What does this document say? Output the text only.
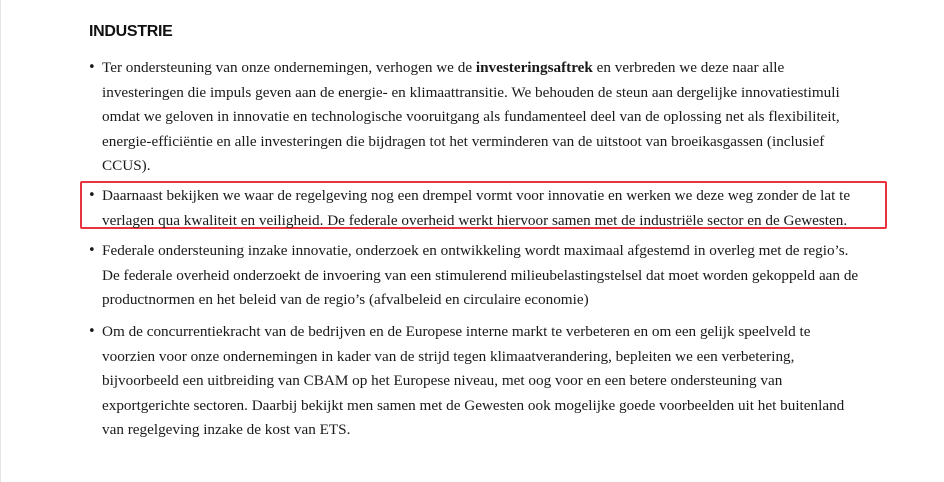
INDUSTRIE
• Ter ondersteuning van onze ondernemingen, verhogen we de investeringsaftrek en verbreden we deze naar alle
investeringen die impuls geven aan de energie- en klimaattransitie. We behouden de steun aan dergelijke innovatiestimuli
omdat we geloven in innovatie en technologische vooruitgang als fundamenteel deel van de oplossing net als flexibiliteit,
energie-efficiëntie en alle investeringen die bijdragen tot het verminderen van de uitstoot van broeikasgassen (inclusief
CCUS).

• Daarnaast bekijken we waar de regelgeving nog een drempel vormt voor innovatie en werken we deze weg zonder de lat te
verlagen qua kwaliteit en veiligheid. De federale overheid werkt hiervoor samen met de industriële sector en de Gewesten.

• Federale ondersteuning inzake innovatie, onderzoek en ontwikkeling wordt maximaal afgestemd in overleg met de regio’s.
De federale overheid onderzoekt de invoering van een stimulerend milieubelastingstelsel dat moet worden gekoppeld aan de
productnormen en het beleid van de regio’s (afvalbeleid en circulaire economie)

• Om de concurrentiekracht van de bedrijven en de Europese interne markt te verbeteren en om een gelijk speelveld te
voorzien voor onze ondernemingen in kader van de strijd tegen klimaatverandering, bepleiten we een verbetering,
bijvoorbeeld een uitbreiding van CBAM op het Europese niveau, met oog voor en een betere ondersteuning van
exportgerichte sectoren. Daarbij bekijkt men samen met de Gewesten ook mogelijke goede voorbeelden uit het buitenland
van regelgeving inzake de kost van ETS.
